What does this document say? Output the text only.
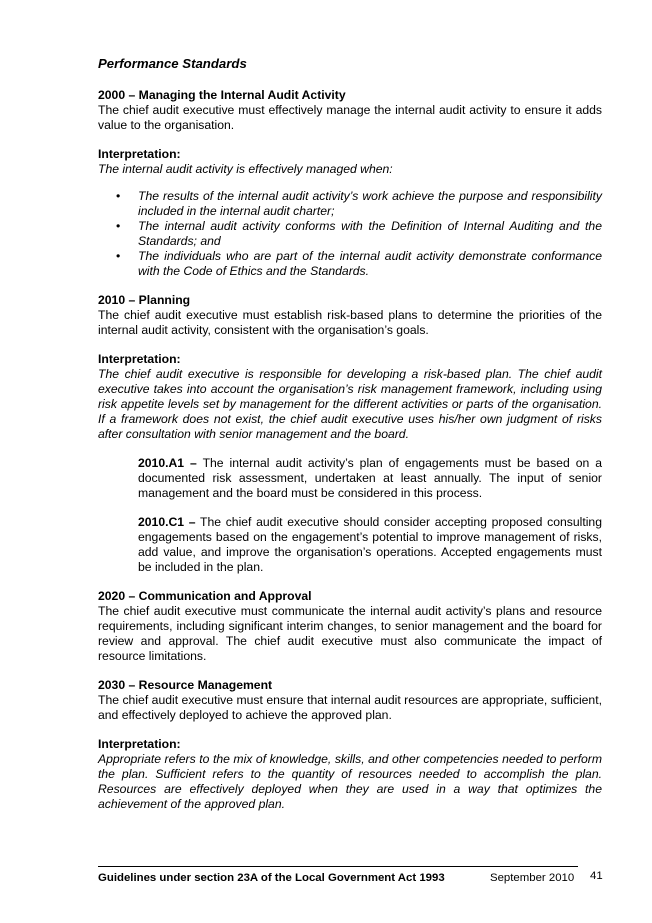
Performance Standards
2000 – Managing the Internal Audit Activity

The chief audit executive must effectively manage the internal audit activity to ensure it adds value to the organisation.

Interpretation:

The internal audit activity is effectively managed when:

• The results of the internal audit activity’s work achieve the purpose and responsibility included in the internal audit charter;
• The internal audit activity conforms with the Definition of Internal Auditing and the Standards; and
• The individuals who are part of the internal audit activity demonstrate conformance with the Code of Ethics and the Standards.
2010 – Planning

The chief audit executive must establish risk-based plans to determine the priorities of the internal audit activity, consistent with the organisation’s goals.

Interpretation:

The chief audit executive is responsible for developing a risk-based plan. The chief audit executive takes into account the organisation’s risk management framework, including using risk appetite levels set by management for the different activities or parts of the organisation. If a framework does not exist, the chief audit executive uses his/her own judgment of risks after consultation with senior management and the board.

2010.A1 – The internal audit activity’s plan of engagements must be based on a documented risk assessment, undertaken at least annually. The input of senior management and the board must be considered in this process.

2010.C1 – The chief audit executive should consider accepting proposed consulting engagements based on the engagement’s potential to improve management of risks, add value, and improve the organisation’s operations. Accepted engagements must be included in the plan.

2020 – Communication and Approval

The chief audit executive must communicate the internal audit activity’s plans and resource requirements, including significant interim changes, to senior management and the board for review and approval. The chief audit executive must also communicate the impact of resource limitations.

2030 – Resource Management

The chief audit executive must ensure that internal audit resources are appropriate, sufficient, and effectively deployed to achieve the approved plan.

Interpretation:

Appropriate refers to the mix of knowledge, skills, and other competencies needed to perform the plan. Sufficient refers to the quantity of resources needed to accomplish the plan. Resources are effectively deployed when they are used in a way that optimizes the achievement of the approved plan.

Guidelines under section 23A of the Local Government Act 1993	September 2010 41
